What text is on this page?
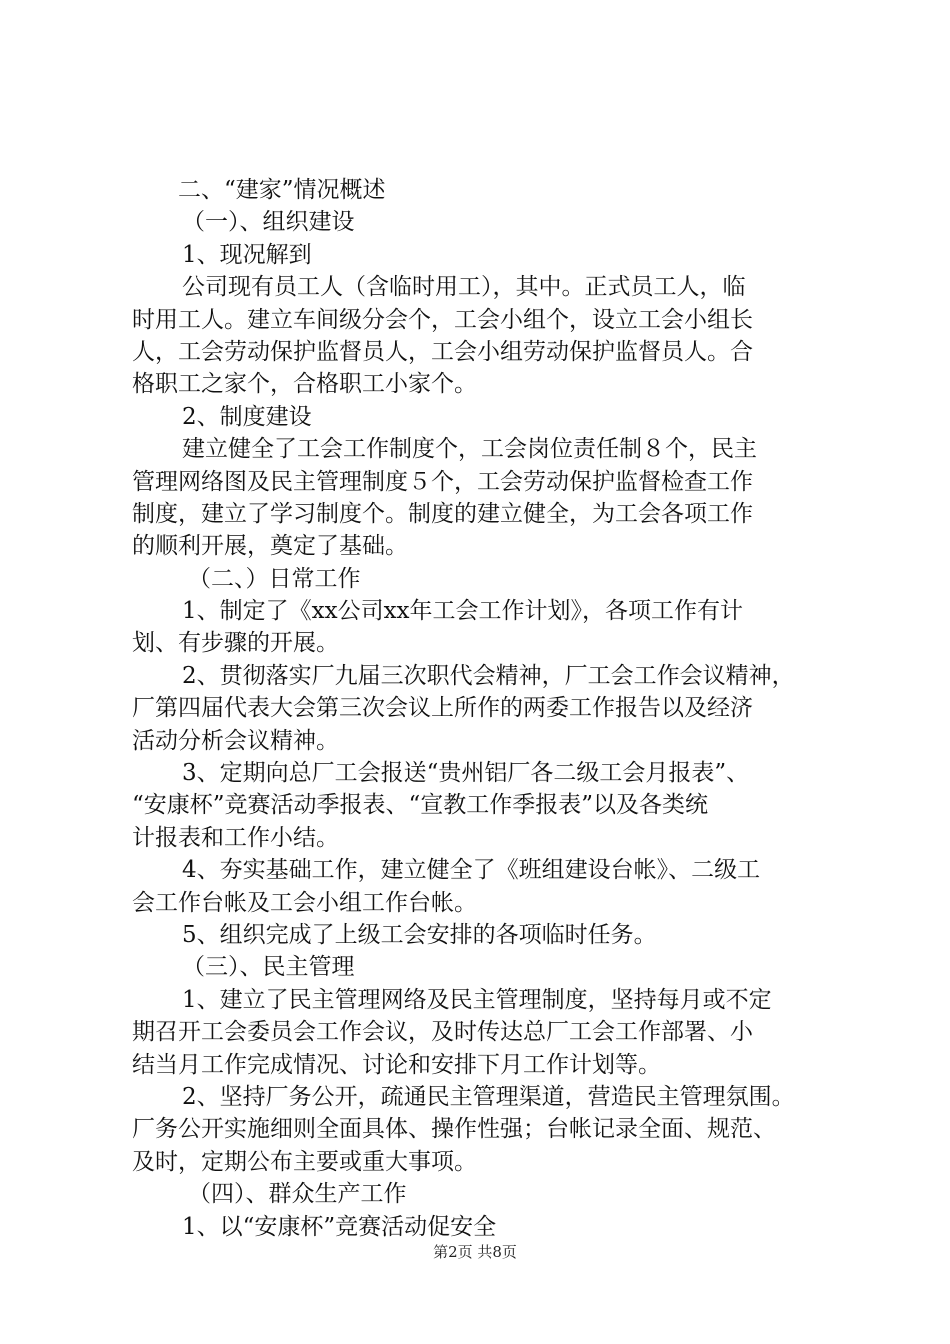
二、“建家”情况概述
（一）、组织建设
1、现况解到
公司现有员工人（含临时用工），其中。正式员工人，临
时用工人。建立车间级分会个，工会小组个，设立工会小组长
人，工会劳动保护监督员人，工会小组劳动保护监督员人。合
格职工之家个，合格职工小家个。
2、制度建设
建立健全了工会工作制度个，工会岗位责任制８个，民主
管理网络图及民主管理制度５个，工会劳动保护监督检查工作
制度，建立了学习制度个。制度的建立健全，为工会各项工作
的顺利开展，奠定了基础。
（二、）日常工作
1、制定了《xx公司xx年工会工作计划》，各项工作有计
划、有步骤的开展。
2、贯彻落实厂九届三次职代会精神，厂工会工作会议精神，
厂第四届代表大会第三次会议上所作的两委工作报告以及经济
活动分析会议精神。
3、定期向总厂工会报送“贵州铝厂各二级工会月报表”、
“安康杯”竞赛活动季报表、“宣教工作季报表”以及各类统
计报表和工作小结。
4、夯实基础工作，建立健全了《班组建设台帐》、二级工
会工作台帐及工会小组工作台帐。
5、组织完成了上级工会安排的各项临时任务。
（三）、民主管理
1、建立了民主管理网络及民主管理制度，坚持每月或不定
期召开工会委员会工作会议，及时传达总厂工会工作部署、小
结当月工作完成情况、讨论和安排下月工作计划等。
2、坚持厂务公开，疏通民主管理渠道，营造民主管理氛围。
厂务公开实施细则全面具体、操作性强；台帐记录全面、规范、
及时，定期公布主要或重大事项。
（四）、群众生产工作
1、以“安康杯”竞赛活动促安全
第2页 共8页
